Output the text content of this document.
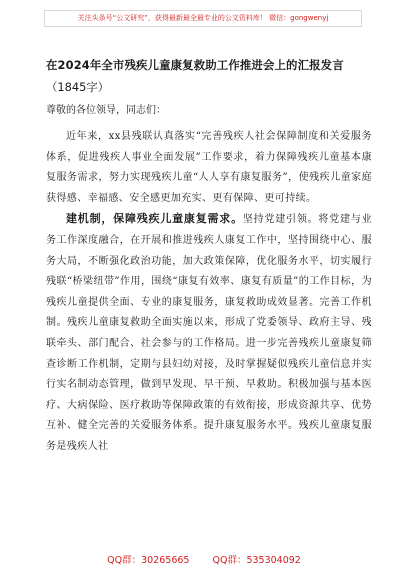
关注头条号“公文研究”，获得最新最全最专业的公文资料库！ 微信：gongwenyj
在2024年全市残疾儿童康复救助工作推进会上的汇报发言

（1845字）

尊敬的各位领导，同志们：

近年来，xx县残联认真落实“完善残疾人社会保障制度和关爱服务体系，促进残疾人事业全面发展”工作要求，着力保障残疾儿童基本康复服务需求，努力实现残疾儿童“人人享有康复服务”，使残疾儿童家庭获得感、幸福感、安全感更加充实、更有保障、更可持续。

建机制，保障残疾儿童康复需求。坚持党建引领。将党建与业务工作深度融合，在开展和推进残疾人康复工作中，坚持围绕中心、服务大局，不断强化政治功能，加大政策保障，优化服务水平，切实履行残联“桥梁纽带”作用，围绕“康复有效率、康复有质量”的工作目标，为残疾儿童提供全面、专业的康复服务，康复救助成效显著。完善工作机制。残疾儿童康复救助全面实施以来，形成了党委领导、政府主导、残联牵头、部门配合、社会参与的工作格局。进一步完善残疾儿童康复筛查诊断工作机制，定期与县妇幼对接，及时掌握疑似残疾儿童信息并实行实名制动态管理，做到早发现、早干预、早救助。积极加强与基本医疗、大病保险、医疗救助等保障政策的有效衔接，形成资源共享、优势互补、健全完善的关爱服务体系。提升康复服务水平。残疾儿童康复服务是残疾人社

QQ群：30265665 QQ群：535304092
